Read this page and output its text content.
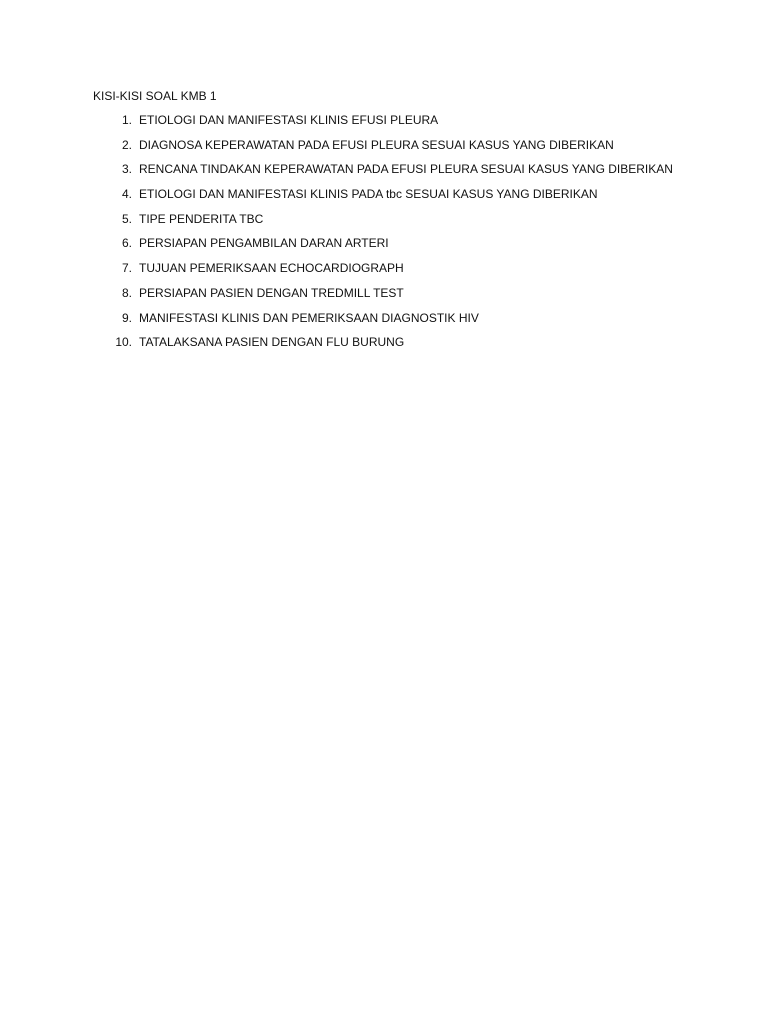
KISI-KISI SOAL KMB 1
1. ETIOLOGI DAN MANIFESTASI KLINIS EFUSI PLEURA
2. DIAGNOSA KEPERAWATAN PADA EFUSI PLEURA SESUAI KASUS YANG DIBERIKAN
3. RENCANA TINDAKAN KEPERAWATAN PADA EFUSI PLEURA SESUAI KASUS YANG DIBERIKAN
4. ETIOLOGI DAN MANIFESTASI KLINIS PADA tbc SESUAI KASUS YANG DIBERIKAN
5. TIPE PENDERITA TBC
6. PERSIAPAN PENGAMBILAN DARAN ARTERI
7. TUJUAN PEMERIKSAAN ECHOCARDIOGRAPH
8. PERSIAPAN PASIEN DENGAN TREDMILL TEST
9. MANIFESTASI KLINIS DAN PEMERIKSAAN DIAGNOSTIK HIV
10. TATALAKSANA PASIEN DENGAN FLU BURUNG
